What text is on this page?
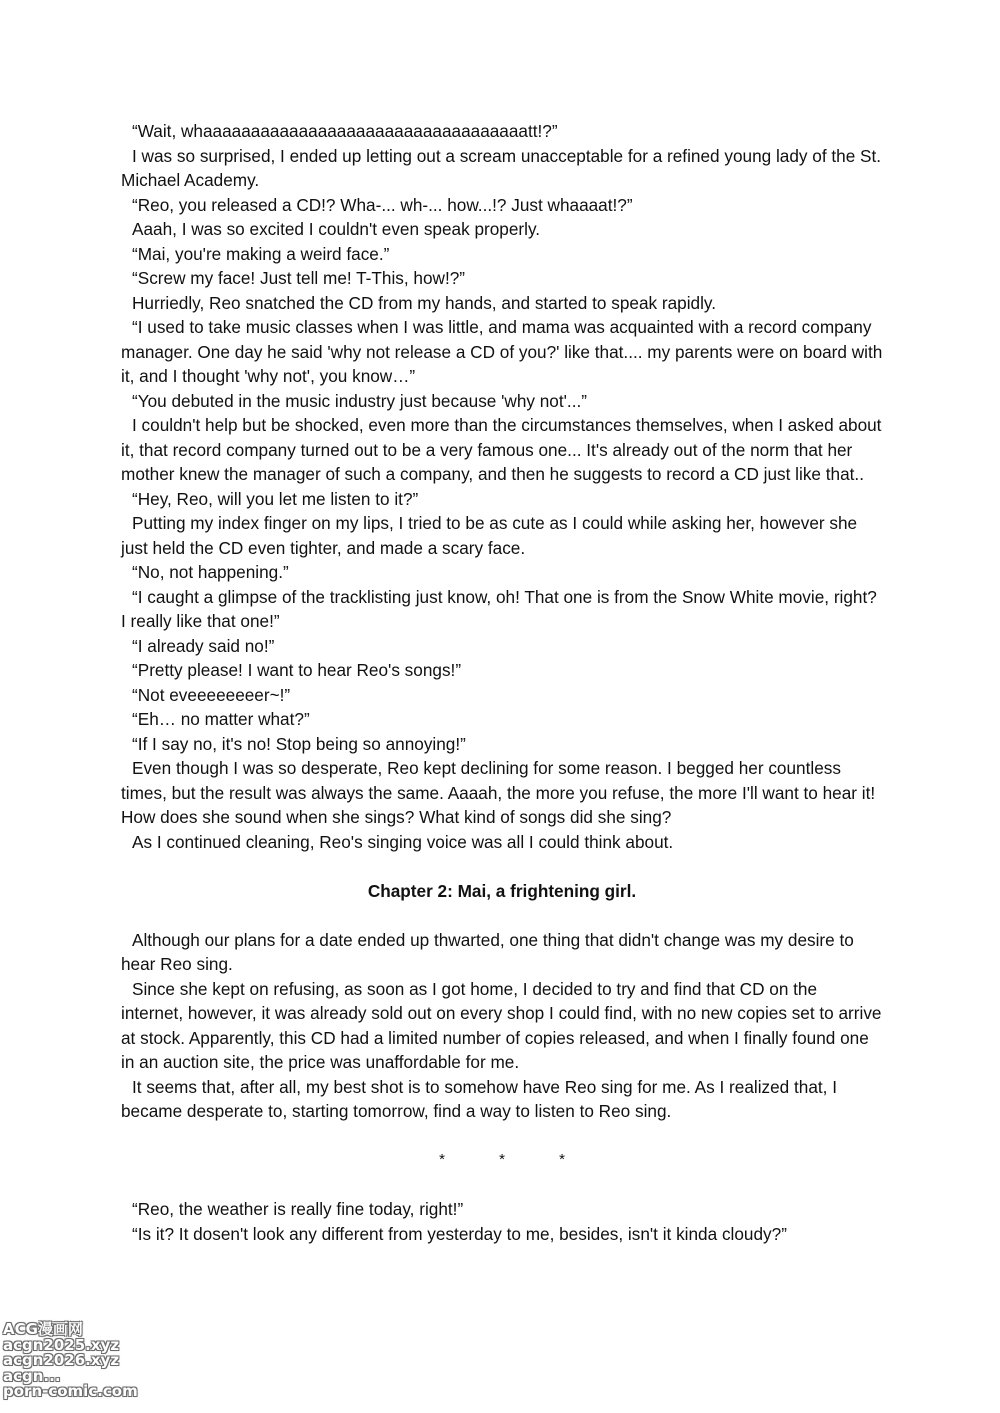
“Wait, whaaaaaaaaaaaaaaaaaaaaaaaaaaaaaaaaaatt!?”

I was so surprised, I ended up letting out a scream unacceptable for a refined young lady of the St. Michael Academy.

“Reo, you released a CD!? Wha-... wh-... how...!? Just whaaaat!?”

Aaah, I was so excited I couldn't even speak properly.

“Mai, you're making a weird face.”

“Screw my face! Just tell me! T-This, how!?”

Hurriedly, Reo snatched the CD from my hands, and started to speak rapidly.

“I used to take music classes when I was little, and mama was acquainted with a record company manager. One day he said 'why not release a CD of you?' like that.... my parents were on board with it, and I thought 'why not', you know…”

“You debuted in the music industry just because 'why not'...”

I couldn't help but be shocked, even more than the circumstances themselves, when I asked about it, that record company turned out to be a very famous one... It's already out of the norm that her mother knew the manager of such a company, and then he suggests to record a CD just like that..

“Hey, Reo, will you let me listen to it?”

Putting my index finger on my lips, I tried to be as cute as I could while asking her, however she just held the CD even tighter, and made a scary face.

“No, not happening.”

“I caught a glimpse of the tracklisting just know, oh! That one is from the Snow White movie, right? I really like that one!”

“I already said no!”

“Pretty please! I want to hear Reo's songs!”

“Not eveeeeeeeer~!”

“Eh… no matter what?”

“If I say no, it's no! Stop being so annoying!”

Even though I was so desperate, Reo kept declining for some reason. I begged her countless times, but the result was always the same. Aaaah, the more you refuse, the more I'll want to hear it! How does she sound when she sings? What kind of songs did she sing?

As I continued cleaning, Reo's singing voice was all I could think about.

Chapter 2: Mai, a frightening girl.

Although our plans for a date ended up thwarted, one thing that didn't change was my desire to hear Reo sing.

Since she kept on refusing, as soon as I got home, I decided to try and find that CD on the internet, however, it was already sold out on every shop I could find, with no new copies set to arrive at stock. Apparently, this CD had a limited number of copies released, and when I finally found one in an auction site, the price was unaffordable for me.

It seems that, after all, my best shot is to somehow have Reo sing for me. As I realized that, I became desperate to, starting tomorrow, find a way to listen to Reo sing.

*	*	*

“Reo, the weather is really fine today, right!”

“Is it? It dosen't look any different from yesterday to me, besides, isn't it kinda cloudy?”

ACG漫画网
acgn2025.xyz
acgn2026.xyz
acgn...
porn-comic.com
